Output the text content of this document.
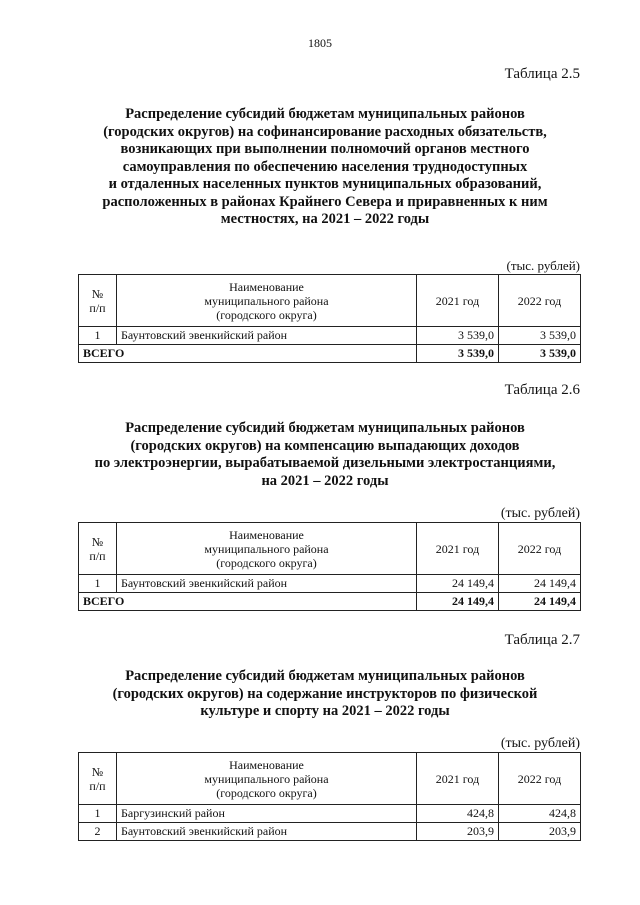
1805
Таблица 2.5
Распределение субсидий бюджетам муниципальных районов
(городских округов) на софинансирование расходных обязательств,
возникающих при выполнении полномочий органов местного
самоуправления по обеспечению населения труднодоступных
и отдаленных населенных пунктов муниципальных образований,
расположенных в районах Крайнего Севера и приравненных к ним
местностях, на 2021 – 2022 годы
(тыс. рублей)
№
п/п	Наименование
муниципального района
(городского округа)	2021 год	2022 год
1	Баунтовский эвенкийский район	3 539,0	3 539,0
ВСЕГО		3 539,0	3 539,0
Таблица 2.6
Распределение субсидий бюджетам муниципальных районов
(городских округов) на компенсацию выпадающих доходов
по электроэнергии, вырабатываемой дизельными электростанциями,
на 2021 – 2022 годы
(тыс. рублей)
№
п/п	Наименование
муниципального района
(городского округа)	2021 год	2022 год
1	Баунтовский эвенкийский район	24 149,4	24 149,4
ВСЕГО		24 149,4	24 149,4
Таблица 2.7
Распределение субсидий бюджетам муниципальных районов
(городских округов) на содержание инструкторов по физической
культуре и спорту на 2021 – 2022 годы
(тыс. рублей)
№
п/п	Наименование
муниципального района
(городского округа)	2021 год	2022 год
1	Баргузинский район	424,8	424,8
2	Баунтовский эвенкийский район	203,9	203,9
